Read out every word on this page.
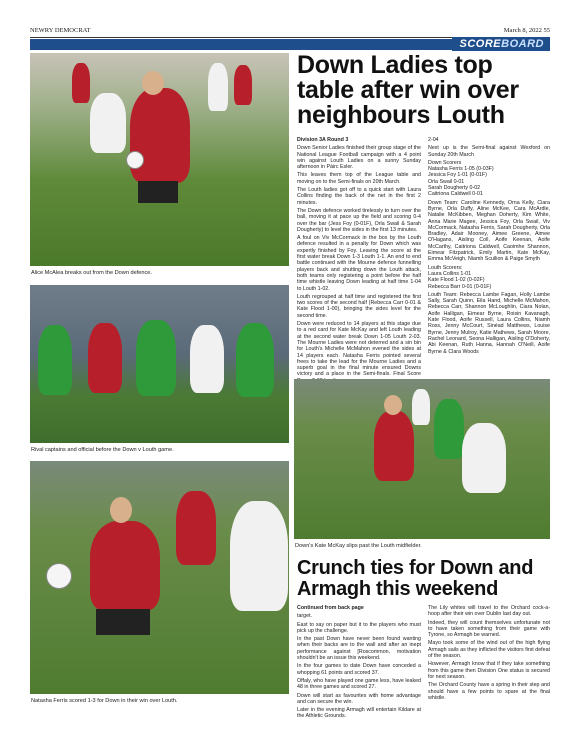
NEWRY DEMOCRAT	March 8, 2022 55
SCOREBOARD
Alice McAlea breaks out from the Down defence.
Rival captains and official before the Down v Louth game.
Natasha Ferris scored 1-3 for Down in their win over Louth.
Down Ladies top table after win over neighbours Louth

Division 3A Round 3

Down Senior Ladies finished their group stage of the National League Football campaign with a 4 point win against Louth Ladies on a sunny Sunday afternoon in Páirc Esler.

This leaves them top of the League table and moving on to the Semi-finals on 20th March.

The Louth ladies got off to a quick start with Laura Collins finding the back of the net in the first 2 minutes.

The Down defence worked tirelessly to turn over the ball, moving it at pace up the field and scoring 0-4 over the bar (Jess Foy (0-01F), Orla Swail & Sarah Dougherty) to level the sides in the first 13 minutes.

A foul on Viv McCormack in the box by the Louth defence resulted in a penalty for Down which was expertly finished by Foy. Leaving the score at the first water break Down 1-3 Louth 1-1. An end to end battle continued with the Mourne defence funnelling players back and shutting down the Louth attack, both teams only registering a point before the half time whistle leaving Down leading at half time 1-04 to Louth 1-02.

Louth regrouped at half time and registered the first two scores of the second half (Rebecca Carr 0-01 & Kate Flood 1-00), bringing the sides level for the second time.

Down were reduced to 14 players at this stage due to a red card for Kate McKay and left Louth leading at the second water break Down 1-05 Louth 2-03. The Mourne Ladies were not deterred and a sin bin for Louth's Michelle McMahon evened the sides at 14 players each. Natasha Ferris pointed several frees to take the lead for the Mourne Ladies and a superb goal in the final minute ensured Downs victory and a place in the Semi-finals. Final Score

2-04

Next up is the Semi-final against Wexford on Sunday 20th March

Down Scorers
Natasha Ferris 1-05 (0-03F)
Jessica Foy 1-01 (0-01F)
Orla Swail 0-01
Sarah Dougherty 0-02
Caitriona Caldwell 0-01

Down Team: Caroline Kennedy, Orna Kelly, Ciara Byrne, Orla Duffy, Aline McKee, Cara McArdle, Natalie McKibben, Meghan Doherty, Kim White, Anna Marie Magee, Jessica Foy, Orla Swail, Viv McCormack, Natasha Ferris, Sarah Dougherty, Orla Bradley, Adair Mooney, Aimee Greene, Aimee O'Hagans, Aisling Coll, Aoife Keenan, Aoife McCarthy, Caitriona Caldwell, Caoimhe Shannon, Eimear Fitzpatrick, Emily Martin, Kate McKay, Emma McVeigh, Niamh Scullion & Paige Smyth

Louth Scorers:
Laura Collins 1-01
Kate Flood 1-02 (0-02F)
Rebecca Barr 0-01 (0-01F)

Louth Team: Rebecca Lambe Fagan, Holly Lambe Sally, Sarah Quinn, Eila Hand, Michelle McMahon, Rebecca Carr, Shannon McLoughlin, Ciara Nolan, Aoife Halligan, Eimear Byrne, Roisin Kavanagh, Kate Flood, Aoife Russell, Laura Collins, Niamh Ross, Jenny McCourt, Sinéad Matthews, Louise Byrne, Jenny Mulroy, Katie Mathews, Sarah Moore, Rachel Leonard, Seona Halligan, Aisling O'Doherty, Abi Keenan, Ruth Hanna, Hannah O'Neill, Aoife Byrne & Clara Woods

Down's Kate McKay slips past the Louth midfielder.
Crunch ties for Down and Armagh this weekend

Continued from back page

target.

East to say on paper but it to the players who must pick up the challenge.

In the past Down have never been found wanting when their backs are to the wall and after an inept performance against [Roscommon, motivation shouldn't be an issue this weekend.

In the four games to date Down have conceded a whopping 61 points and scored 37.

Offaly, who have played one game less, have leaked 48 in three games and scored 27.

Down will start as favourites with home advantage and can secure the win.

Later in the evening Armagh will entertain Kildare at the Athletic Grounds.

The Lily whites will travel to the Orchard cock-a-hoop after their win over Dublin last day out.

Indeed, they will count themselves unfortunate not to have taken something from their game with Tyrone, so Armagh be warned.

Mayo took some of the wind out of the high flying Armagh sails as they inflicted the visitors first defeat of the season.

However, Armagh know that if they take something from this game then Division One status is secured for next season.

The Orchard County have a spring in their step and should have a few points to spare at the final whistle.
